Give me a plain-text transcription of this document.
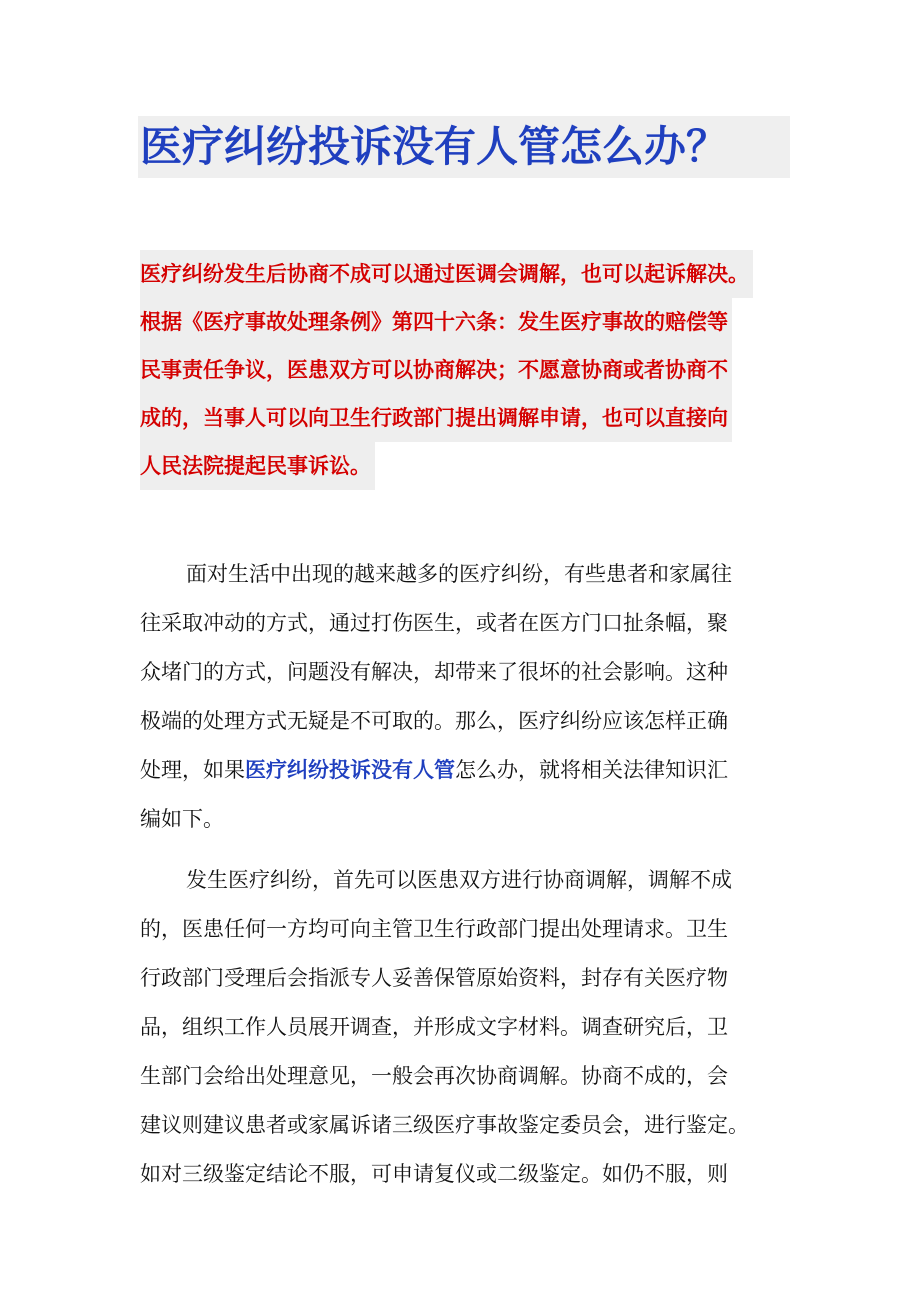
医疗纠纷投诉没有人管怎么办？
医疗纠纷发生后协商不成可以通过医调会调解，也可以起诉解决。
根据《医疗事故处理条例》第四十六条：发生医疗事故的赔偿等
民事责任争议，医患双方可以协商解决；不愿意协商或者协商不
成的，当事人可以向卫生行政部门提出调解申请，也可以直接向
人民法院提起民事诉讼。
面对生活中出现的越来越多的医疗纠纷，有些患者和家属往
往采取冲动的方式，通过打伤医生，或者在医方门口扯条幅，聚
众堵门的方式，问题没有解决，却带来了很坏的社会影响。这种
极端的处理方式无疑是不可取的。那么，医疗纠纷应该怎样正确
处理，如果医疗纠纷投诉没有人管怎么办，就将相关法律知识汇
编如下。
发生医疗纠纷，首先可以医患双方进行协商调解，调解不成
的，医患任何一方均可向主管卫生行政部门提出处理请求。卫生
行政部门受理后会指派专人妥善保管原始资料，封存有关医疗物
品，组织工作人员展开调查，并形成文字材料。调查研究后，卫
生部门会给出处理意见，一般会再次协商调解。协商不成的，会
建议则建议患者或家属诉诸三级医疗事故鉴定委员会，进行鉴定。
如对三级鉴定结论不服，可申请复仪或二级鉴定。如仍不服，则
